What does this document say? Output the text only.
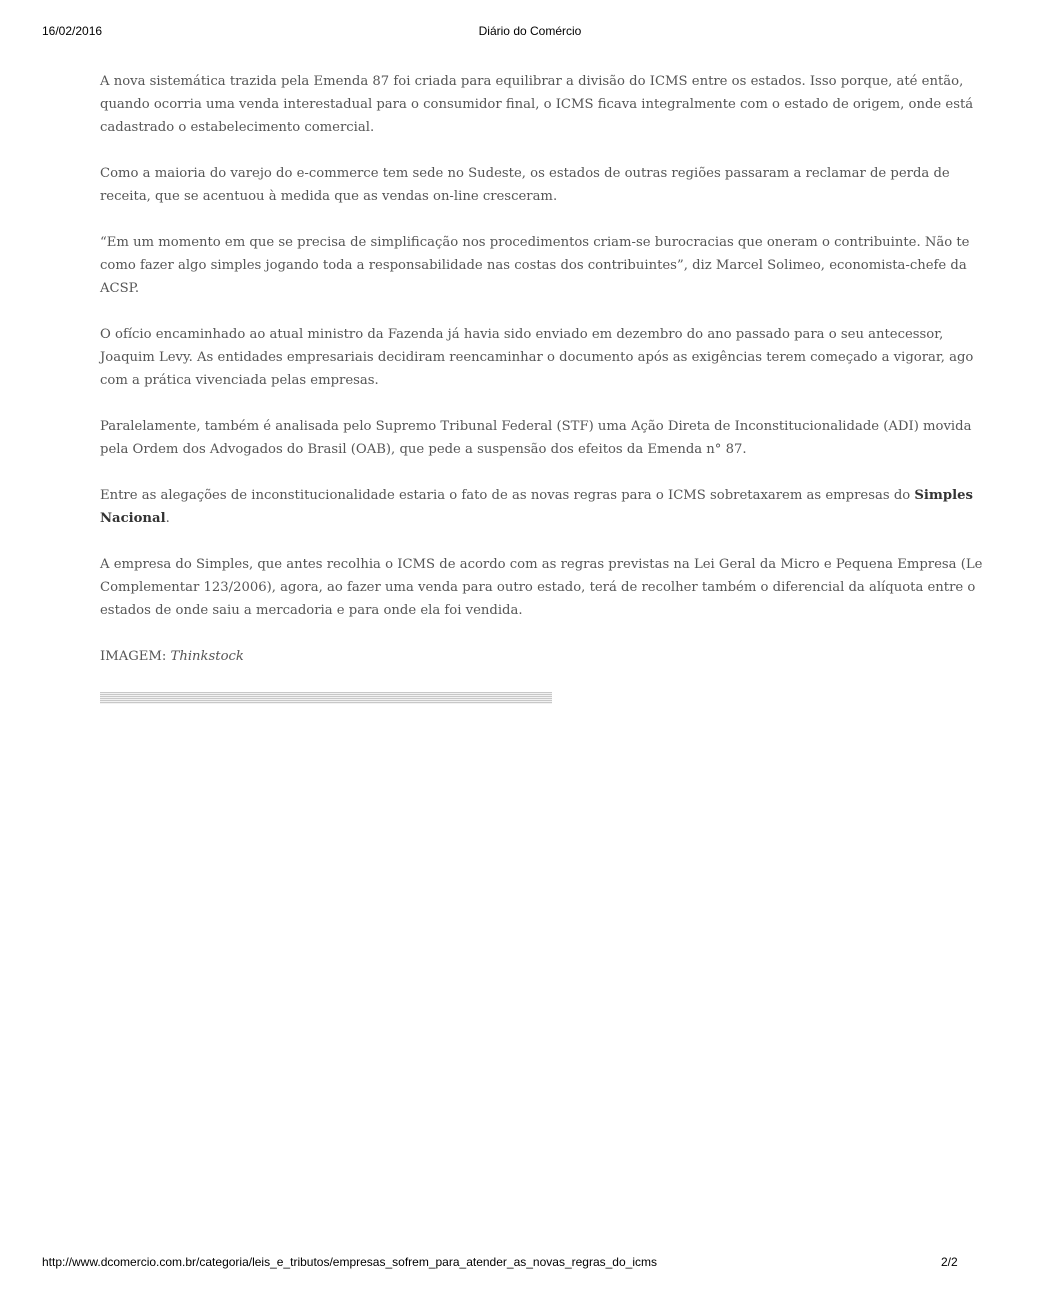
16/02/2016	Diário do Comércio

A nova sistemática trazida pela Emenda 87 foi criada para equilibrar a divisão do ICMS entre os estados. Isso porque, até então,
quando ocorria uma venda interestadual para o consumidor final, o ICMS ficava integralmente com o estado de origem, onde está
cadastrado o estabelecimento comercial.

Como a maioria do varejo do e-commerce tem sede no Sudeste, os estados de outras regiões passaram a reclamar de perda de
receita, que se acentuou à medida que as vendas on-line cresceram.

“Em um momento em que se precisa de simplificação nos procedimentos criam-se burocracias que oneram o contribuinte. Não te
como fazer algo simples jogando toda a responsabilidade nas costas dos contribuintes”, diz Marcel Solimeo, economista-chefe da
ACSP.

O ofício encaminhado ao atual ministro da Fazenda já havia sido enviado em dezembro do ano passado para o seu antecessor,
Joaquim Levy. As entidades empresariais decidiram reencaminhar o documento após as exigências terem começado a vigorar, ago
com a prática vivenciada pelas empresas.

Paralelamente, também é analisada pelo Supremo Tribunal Federal (STF) uma Ação Direta de Inconstitucionalidade (ADI) movida
pela Ordem dos Advogados do Brasil (OAB), que pede a suspensão dos efeitos da Emenda n° 87.

Entre as alegações de inconstitucionalidade estaria o fato de as novas regras para o ICMS sobretaxarem as empresas do Simples
Nacional.

A empresa do Simples, que antes recolhia o ICMS de acordo com as regras previstas na Lei Geral da Micro e Pequena Empresa (Le
Complementar 123/2006), agora, ao fazer uma venda para outro estado, terá de recolher também o diferencial da alíquota entre o
estados de onde saiu a mercadoria e para onde ela foi vendida.

IMAGEM: Thinkstock

http://www.dcomercio.com.br/categoria/leis_e_tributos/empresas_sofrem_para_atender_as_novas_regras_do_icms	2/2
